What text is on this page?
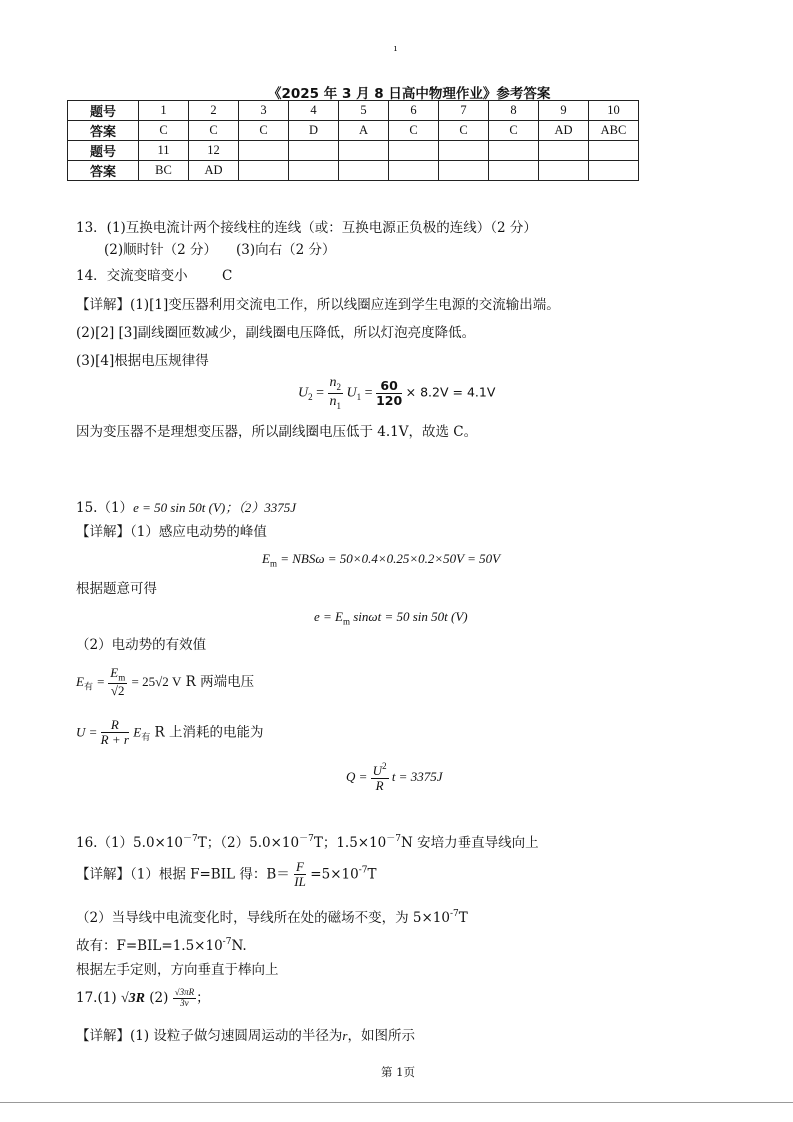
ı
《2025 年 3 月 8 日高中物理作业》参考答案
题号	1	2	3	4	5	6	7	8	9	10
答案	C	C	C	D	A	C	C	C	AD	ABC
题号	11	12								
答案	BC	AD								
13．(1)互换电流计两个接线柱的连线（或：互换电源正负极的连线）（2 分）
(2)顺时针（2 分） (3)向右（2 分）
14．交流变暗变小	C
【详解】(1)[1]变压器利用交流电工作，所以线圈应连到学生电源的交流输出端。
(2)[2] [3]副线圈匝数减少，副线圈电压降低，所以灯泡亮度降低。
(3)[4]根据电压规律得
$U_2 = \frac{n_2}{n_1} U_1 = \frac{60}{120} \times 8.2V = 4.1V$
因为变压器不是理想变压器，所以副线圈电压低于 4.1V，故选 C。
15.（1）e = 50 sin 50t (V)；（2）3375J
【详解】（1）感应电动势的峰值
$E_m = NBS\omega = 50\times 0.4\times 0.25\times 0.2\times 50V = 50V$
根据题意可得
$e = E_m$ sinωt = 50 sin 50t (V)
（2）电动势的有效值
$E_有 = \frac{E_m}{√2} = 25√2$ V R 两端电压
$U = \frac{R}{R + r} E_有$ R 上消耗的电能为
$Q = \frac{U^2}{R}$ t = 3375J
$16.(1)5.0\times 10^{-7}T$；$(2)5.0\times 10^{-7}T$；$1.5\times 10^{-7}N$ 安培力垂直导线向上
【详解】（1）根据 F=BIL 得：$B= \frac{F}{IL} =5\times 10^{-7}T$
（2）当导线中电流变化时，导线所在处的磁场不变，为 $5\times 10^{-7}T$
故有：$F=BIL=1.5\times 10^{-7}N$.
根据左手定则，方向垂直于棒向上
17.(1) √3R $(2) \frac{√3\pi R}{3v}$ ；
【详解】(1) 设粒子做匀速圆周运动的半径为r，如图所示
第 1页
